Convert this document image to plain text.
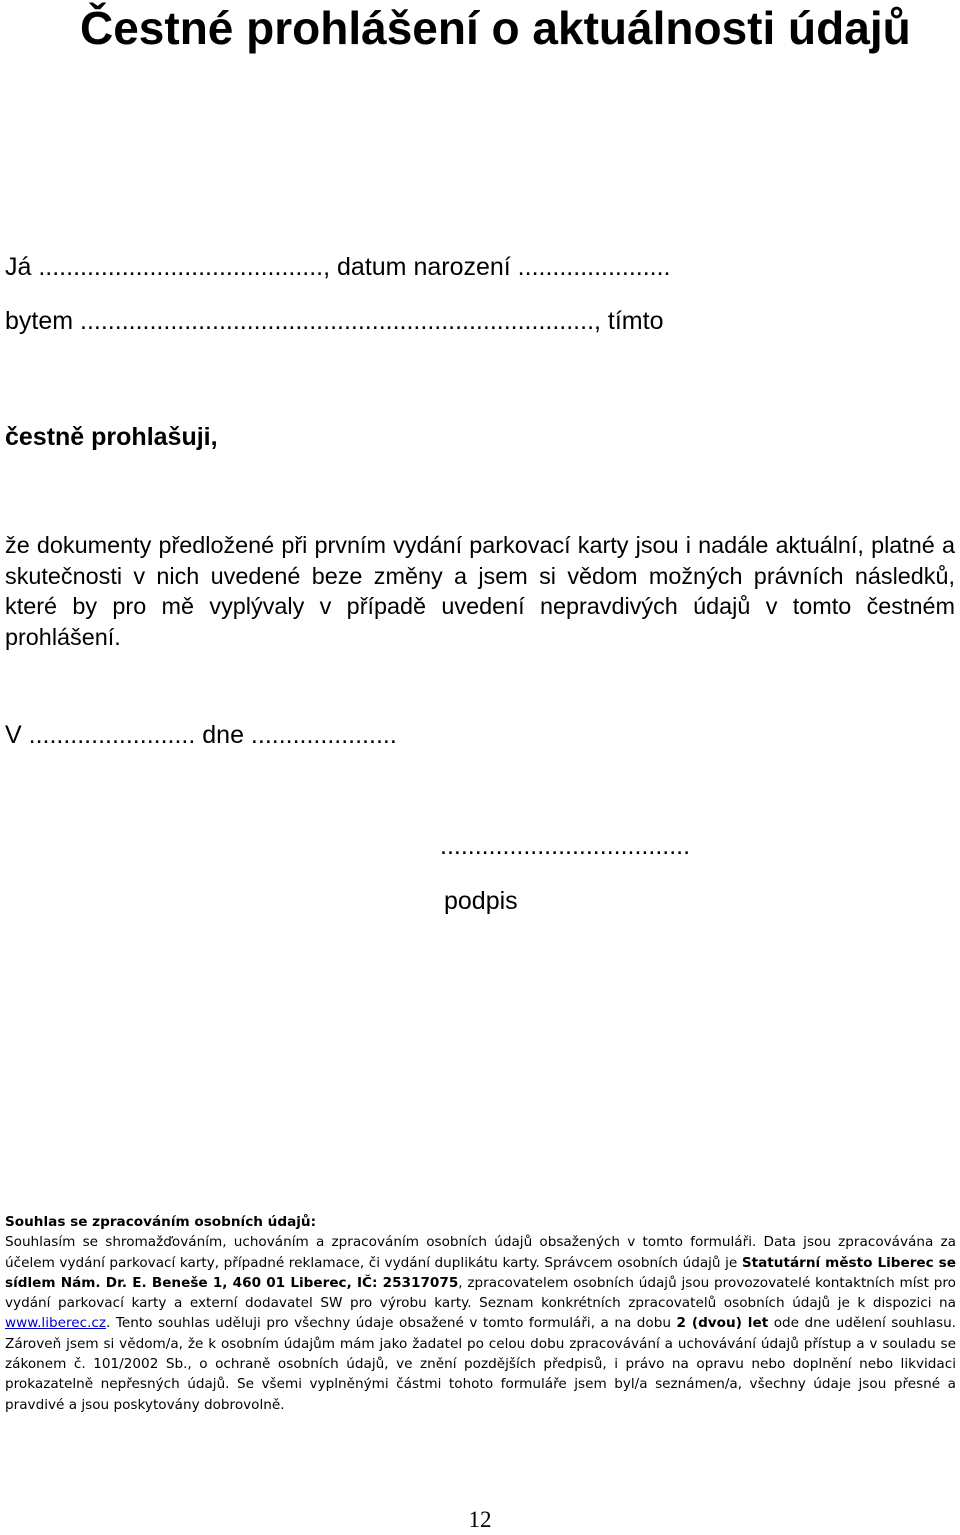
Čestné prohlášení o aktuálnosti údajů

Já ........................................., datum narození ......................

bytem .........................................................................., tímto

čestně prohlašuji,

že dokumenty předložené při prvním vydání parkovací karty jsou i nadále aktuální, platné a skutečnosti v nich uvedené beze změny a jsem si vědom možných právních následků, které by pro mě vyplývaly v případě uvedení nepravdivých údajů v tomto čestném prohlášení.

V ........................ dne .....................

....................................

podpis

Souhlas se zpracováním osobních údajů:
Souhlasím se shromažďováním, uchováním a zpracováním osobních údajů obsažených v tomto formuláři. Data jsou zpracovávána za účelem vydání parkovací karty, případné reklamace, či vydání duplikátu karty. Správcem osobních údajů je Statutární město Liberec se sídlem Nám. Dr. E. Beneše 1, 460 01 Liberec, IČ: 25317075, zpracovatelem osobních údajů jsou provozovatelé kontaktních míst pro vydání parkovací karty a externí dodavatel SW pro výrobu karty. Seznam konkrétních zpracovatelů osobních údajů je k dispozici na www.liberec.cz. Tento souhlas uděluji pro všechny údaje obsažené v tomto formuláři, a na dobu 2 (dvou) let ode dne udělení souhlasu. Zároveň jsem si vědom/a, že k osobním údajům mám jako žadatel po celou dobu zpracovávání a uchovávání údajů přístup a v souladu se zákonem č. 101/2002 Sb., o ochraně osobních údajů, ve znění pozdějších předpisů, i právo na opravu nebo doplnění nebo likvidaci prokazatelně nepřesných údajů. Se všemi vyplněnými částmi tohoto formuláře jsem byl/a seznámen/a, všechny údaje jsou přesné a pravdivé a jsou poskytovány dobrovolně.

12
